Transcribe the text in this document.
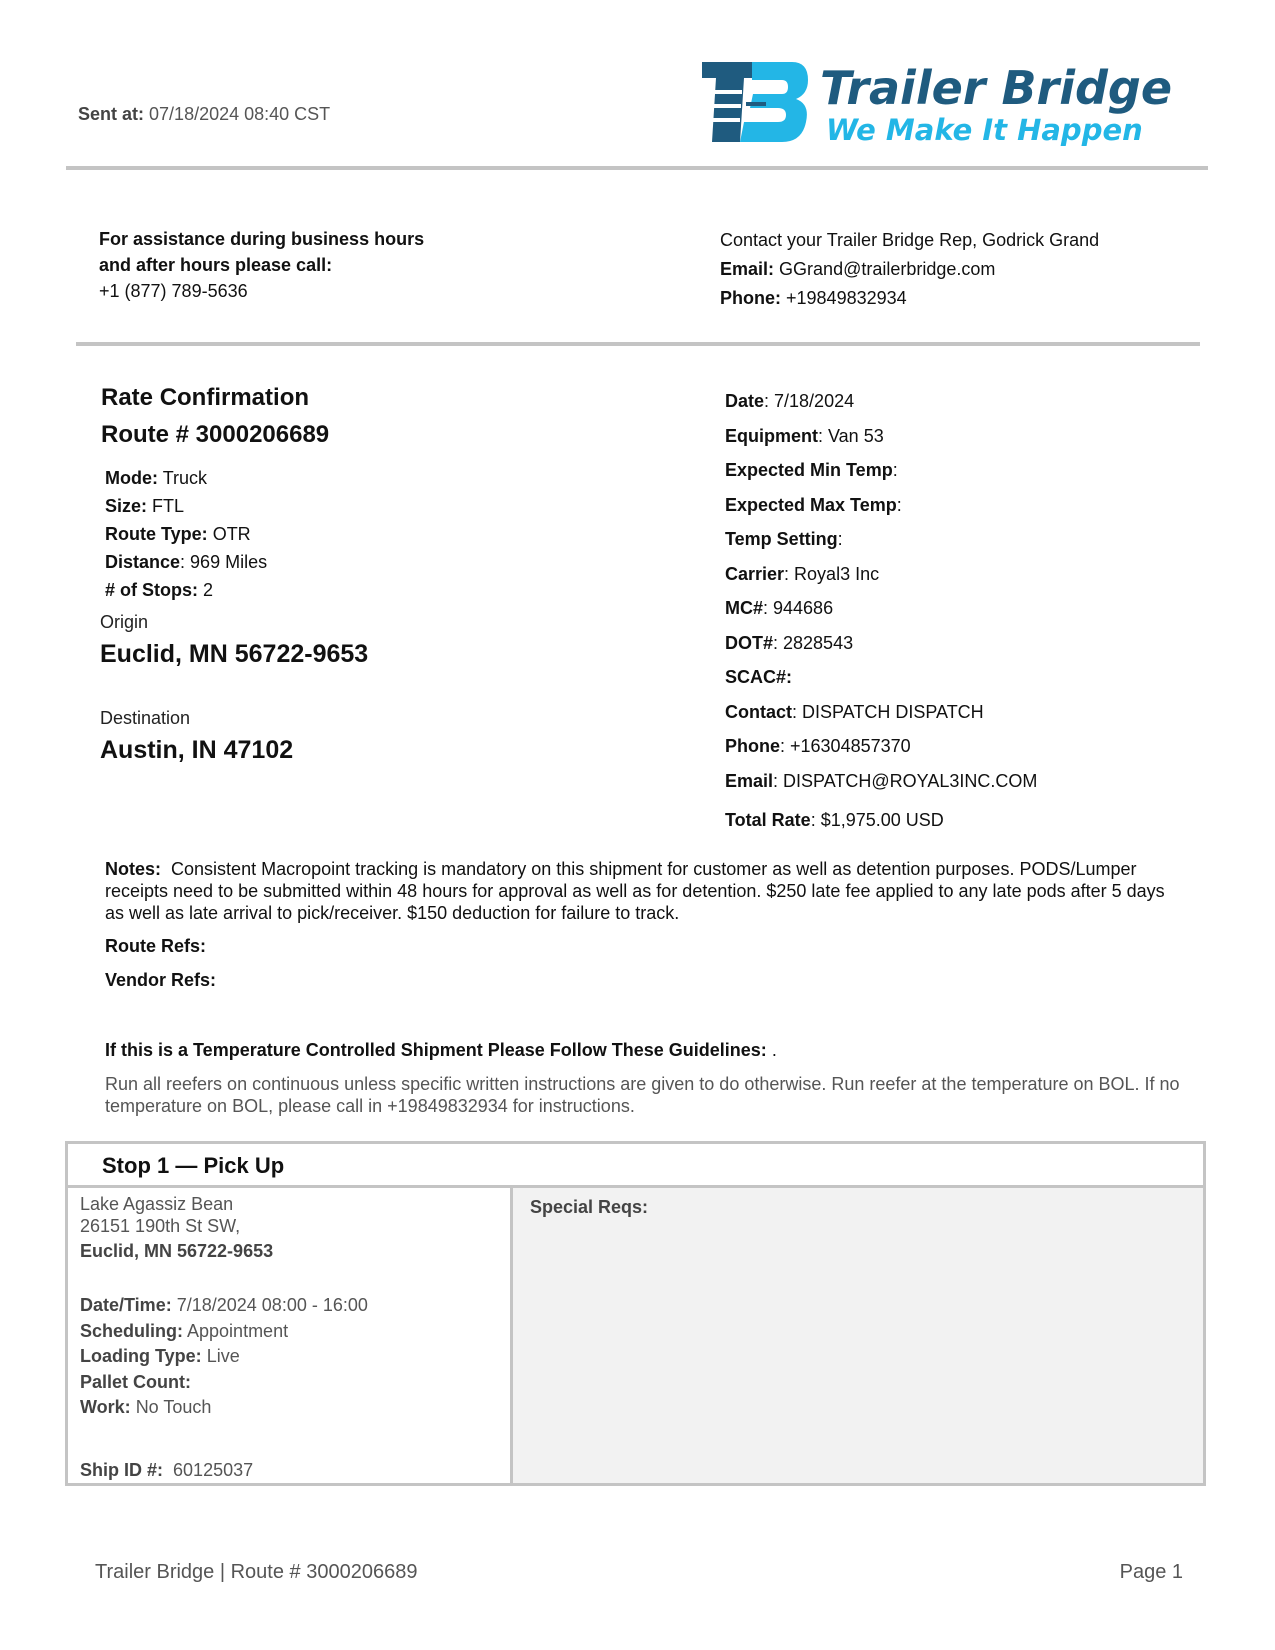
Sent at: 07/18/2024 08:40 CST	Trailer Bridge
We Make It Happen
For assistance during business hours
and after hours please call:
+1 (877) 789-5636
Contact your Trailer Bridge Rep, Godrick Grand
Email: GGrand@trailerbridge.com
Phone: +19849832934
Rate Confirmation
Route # 3000206689
Mode: Truck
Size: FTL
Route Type: OTR
Distance: 969 Miles
# of Stops: 2
Origin
Euclid, MN 56722-9653
Destination
Austin, IN 47102
Date: 7/18/2024
Equipment: Van 53
Expected Min Temp:
Expected Max Temp:
Temp Setting:
Carrier: Royal3 Inc
MC#: 944686
DOT#: 2828543
SCAC#:
Contact: DISPATCH DISPATCH
Phone: +16304857370
Email: DISPATCH@ROYAL3INC.COM
Total Rate: $1,975.00 USD
Notes: Consistent Macropoint tracking is mandatory on this shipment for customer as well as detention purposes. PODS/Lumper receipts need to be submitted within 48 hours for approval as well as for detention. $250 late fee applied to any late pods after 5 days as well as late arrival to pick/receiver. $150 deduction for failure to track.
Route Refs:
Vendor Refs:
If this is a Temperature Controlled Shipment Please Follow These Guidelines: .
Run all reefers on continuous unless specific written instructions are given to do otherwise. Run reefer at the temperature on BOL. If no temperature on BOL, please call in +19849832934 for instructions.
Stop 1 — Pick Up
Lake Agassiz Bean
26151 190th St SW,
Euclid, MN 56722-9653
Date/Time: 7/18/2024 08:00 - 16:00
Scheduling: Appointment
Loading Type: Live
Pallet Count:
Work: No Touch
Ship ID #: 60125037
Special Reqs:
Trailer Bridge | Route # 3000206689	Page 1
